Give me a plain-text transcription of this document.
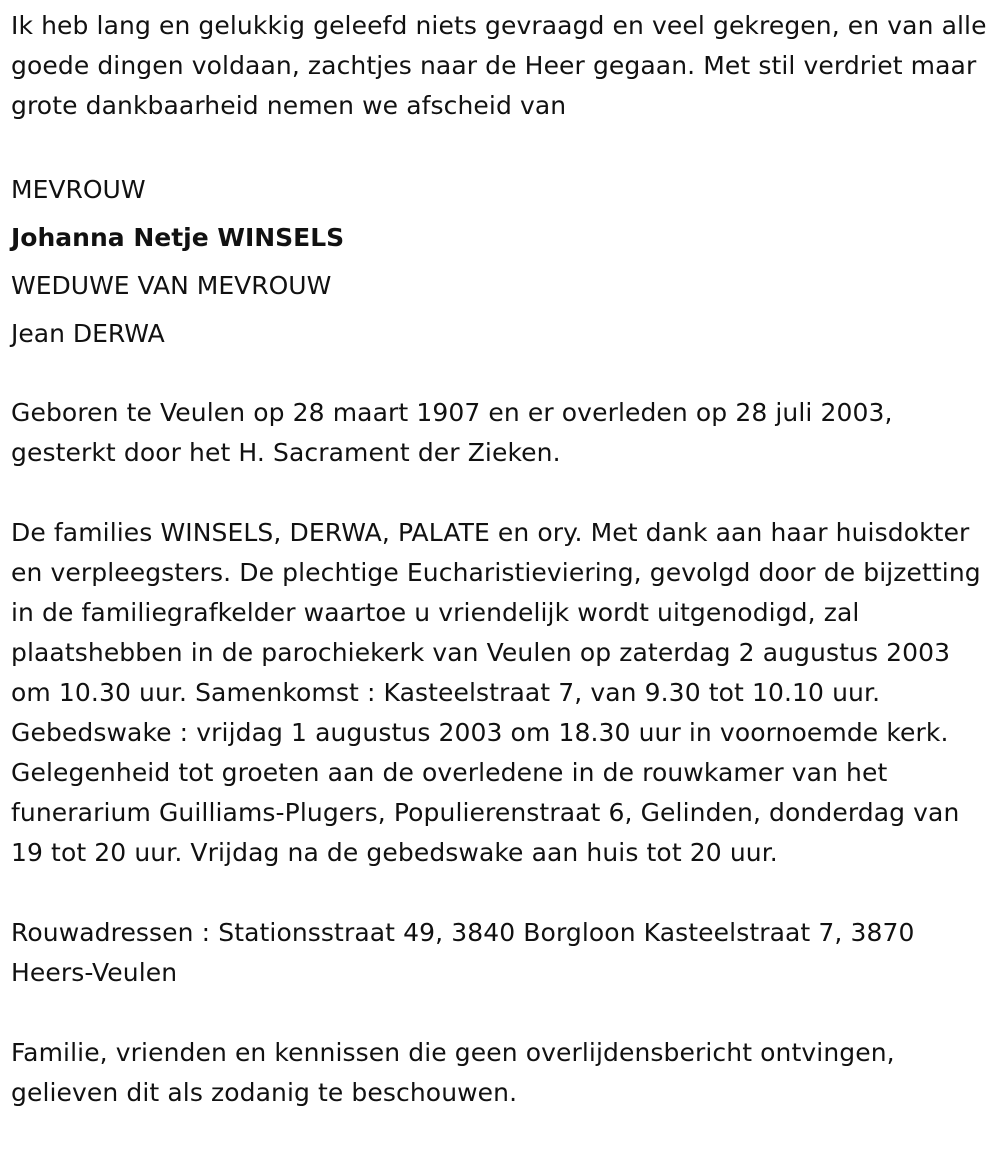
Ik heb lang en gelukkig geleefd niets gevraagd en veel gekregen, en van alle goede dingen voldaan, zachtjes naar de Heer gegaan. Met stil verdriet maar grote dankbaarheid nemen we afscheid van

MEVROUW
Johanna Netje WINSELS
WEDUWE VAN MEVROUW
Jean DERWA

Geboren te Veulen op 28 maart 1907 en er overleden op 28 juli 2003, gesterkt door het H. Sacrament der Zieken.

De families WINSELS, DERWA, PALATE en ory. Met dank aan haar huisdokter en verpleegsters. De plechtige Eucharistieviering, gevolgd door de bijzetting in de familiegrafkelder waartoe u vriendelijk wordt uitgenodigd, zal plaatshebben in de parochiekerk van Veulen op zaterdag 2 augustus 2003 om 10.30 uur. Samenkomst : Kasteelstraat 7, van 9.30 tot 10.10 uur. Gebedswake : vrijdag 1 augustus 2003 om 18.30 uur in voornoemde kerk. Gelegenheid tot groeten aan de overledene in de rouwkamer van het funerarium Guilliams-Plugers, Populierenstraat 6, Gelinden, donderdag van 19 tot 20 uur. Vrijdag na de gebedswake aan huis tot 20 uur.

Rouwadressen : Stationsstraat 49, 3840 Borgloon Kasteelstraat 7, 3870 Heers-Veulen

Familie, vrienden en kennissen die geen overlijdensbericht ontvingen, gelieven dit als zodanig te beschouwen.
